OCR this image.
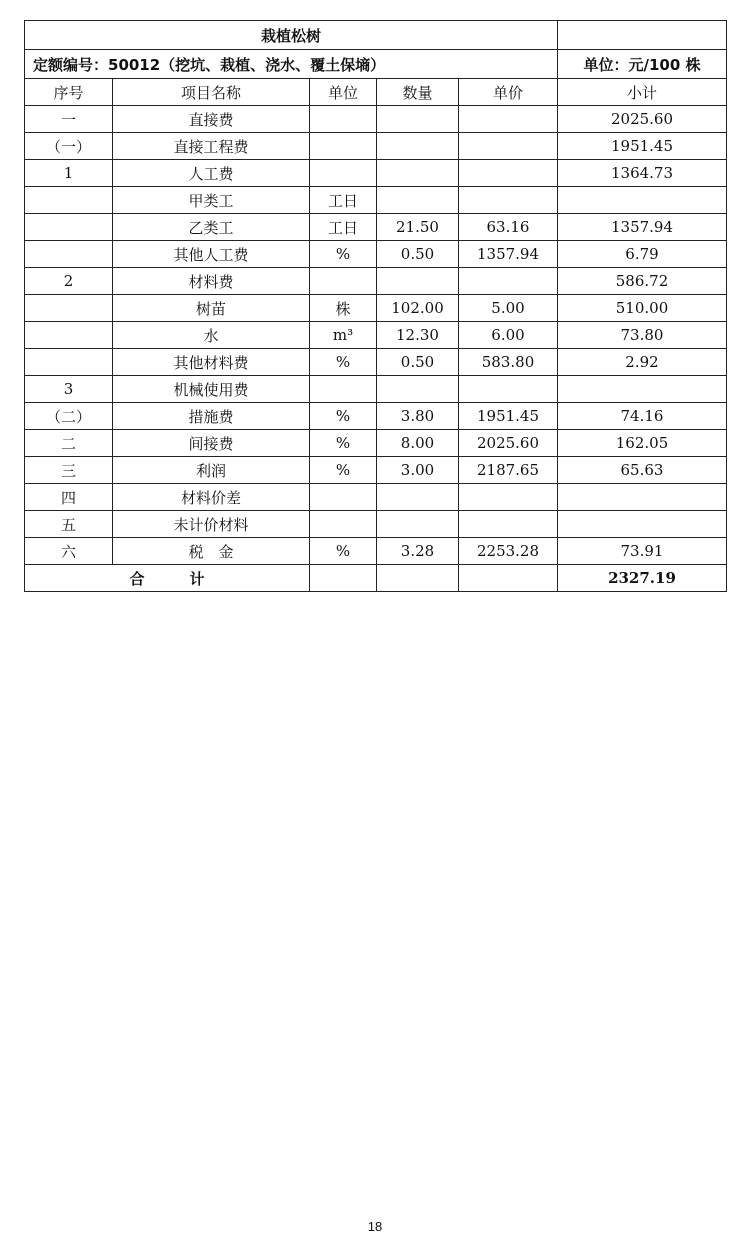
栽植松树					
定额编号：50012（挖坑、栽植、浇水、覆土保墒）					单位：元/100 株
序号	项目名称	单位	数量	单价	小计
一	直接费				2025.60
（一）	直接工程费				1951.45
1	人工费				1364.73
	甲类工	工日			
	乙类工	工日	21.50	63.16	1357.94
	其他人工费	%	0.50	1357.94	6.79
2	材料费				586.72
	树苗	株	102.00	5.00	510.00
	水	m³	12.30	6.00	73.80
	其他材料费	%	0.50	583.80	2.92
3	机械使用费				
（二）	措施费	%	3.80	1951.45	74.16
二	间接费	%	8.00	2025.60	162.05
三	利润	%	3.00	2187.65	65.63
四	材料价差				
五	未计价材料				
六	税　金	%	3.28	2253.28	73.91
合　　　计					2327.19
18
